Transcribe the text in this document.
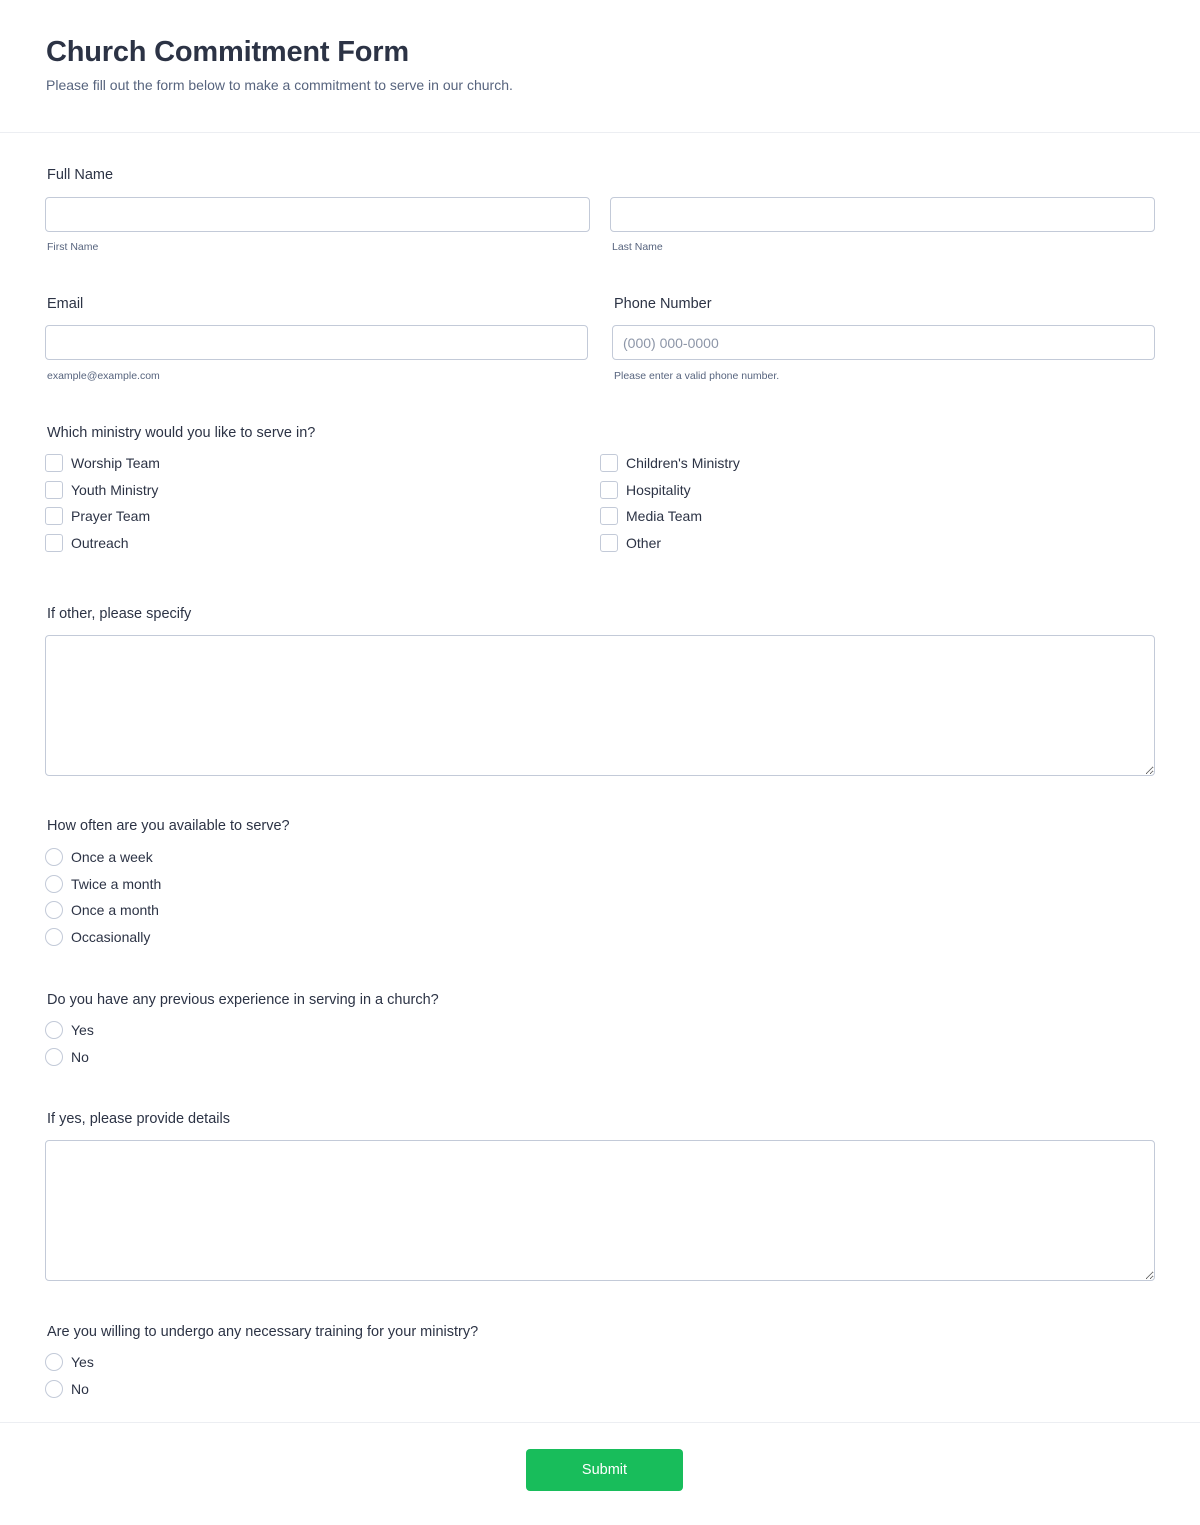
Church Commitment Form
Please fill out the form below to make a commitment to serve in our church.
Full Name
First Name	Last Name
Email
example@example.com
Phone Number
(000) 000-0000
Please enter a valid phone number.
Which ministry would you like to serve in?
Worship Team
Youth Ministry
Prayer Team
Outreach
Children's Ministry
Hospitality
Media Team
Other
If other, please specify
How often are you available to serve?
Once a week
Twice a month
Once a month
Occasionally
Do you have any previous experience in serving in a church?
Yes
No
If yes, please provide details
Are you willing to undergo any necessary training for your ministry?
Yes
No
Submit
